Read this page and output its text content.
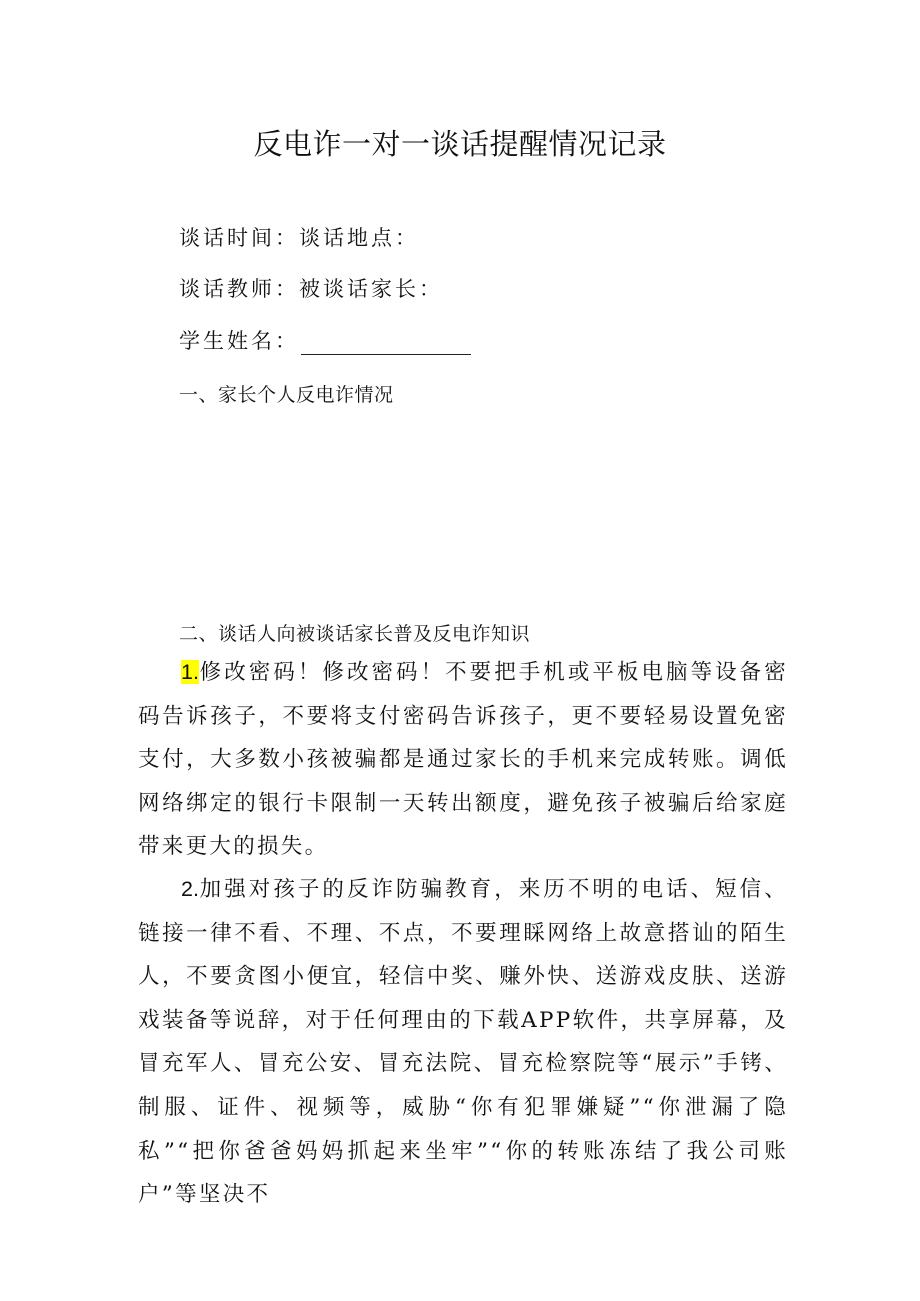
反电诈一对一谈话提醒情况记录
谈话时间：谈话地点：
谈话教师：被谈话家长：
学生姓名：
一、家长个人反电诈情况
二、谈话人向被谈话家长普及反电诈知识

1.修改密码！修改密码！不要把手机或平板电脑等设备密码告诉孩子，不要将支付密码告诉孩子，更不要轻易设置免密支付，大多数小孩被骗都是通过家长的手机来完成转账。调低网络绑定的银行卡限制一天转出额度，避免孩子被骗后给家庭带来更大的损失。

2.加强对孩子的反诈防骗教育，来历不明的电话、短信、链接一律不看、不理、不点，不要理睬网络上故意搭讪的陌生人，不要贪图小便宜，轻信中奖、赚外快、送游戏皮肤、送游戏装备等说辞，对于任何理由的下载APP软件，共享屏幕，及冒充军人、冒充公安、冒充法院、冒充检察院等“展示”手铐、制服、证件、视频等，威胁“你有犯罪嫌疑”“你泄漏了隐私”“把你爸爸妈妈抓起来坐牢”“你的转账冻结了我公司账户”等坚决不
